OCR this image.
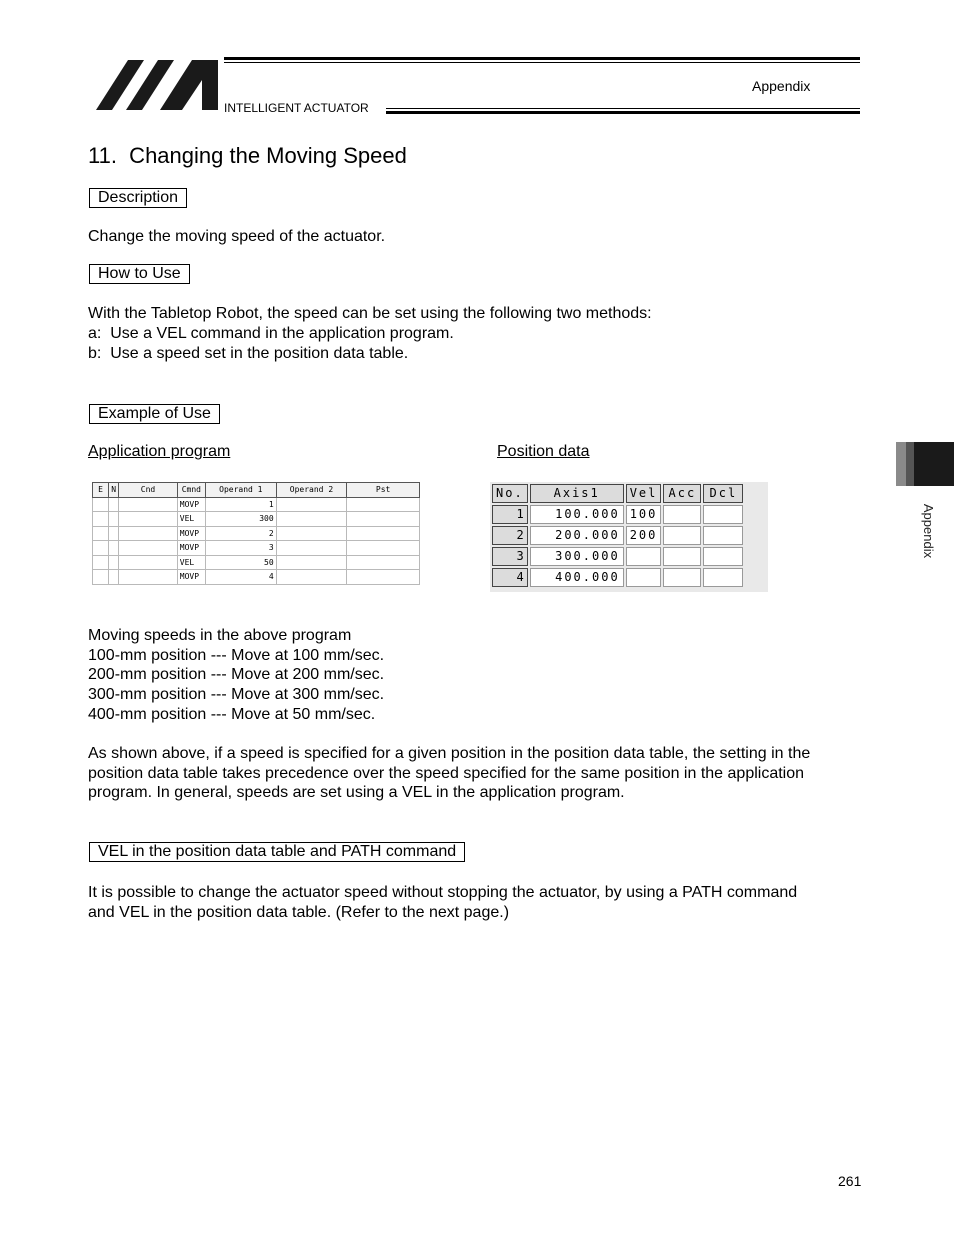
INTELLIGENT ACTUATOR
Appendix
Appendix
11.  Changing the Moving Speed
Description
Change the moving speed of the actuator.
How to Use
With the Tabletop Robot, the speed can be set using the following two methods:
a:  Use a VEL command in the application program.
b:  Use a speed set in the position data table.
Example of Use
Application program	Position data
E	N	Cnd	Cmnd	Operand 1	Operand 2	Pst
			MOVP	1		
			VEL	300		
			MOVP	2		
			MOVP	3		
			VEL	50		
			MOVP	4		
No.	Axis1	Vel	Acc	Dcl
1	100.000	100		
2	200.000	200		
3	300.000			
4	400.000			
Moving speeds in the above program
100-mm position --- Move at 100 mm/sec.
200-mm position --- Move at 200 mm/sec.
300-mm position --- Move at 300 mm/sec.
400-mm position --- Move at 50 mm/sec.
As shown above, if a speed is specified for a given position in the position data table, the setting in the
position data table takes precedence over the speed specified for the same position in the application
program. In general, speeds are set using a VEL in the application program.
VEL in the position data table and PATH command
It is possible to change the actuator speed without stopping the actuator, by using a PATH command
and VEL in the position data table. (Refer to the next page.)
261
